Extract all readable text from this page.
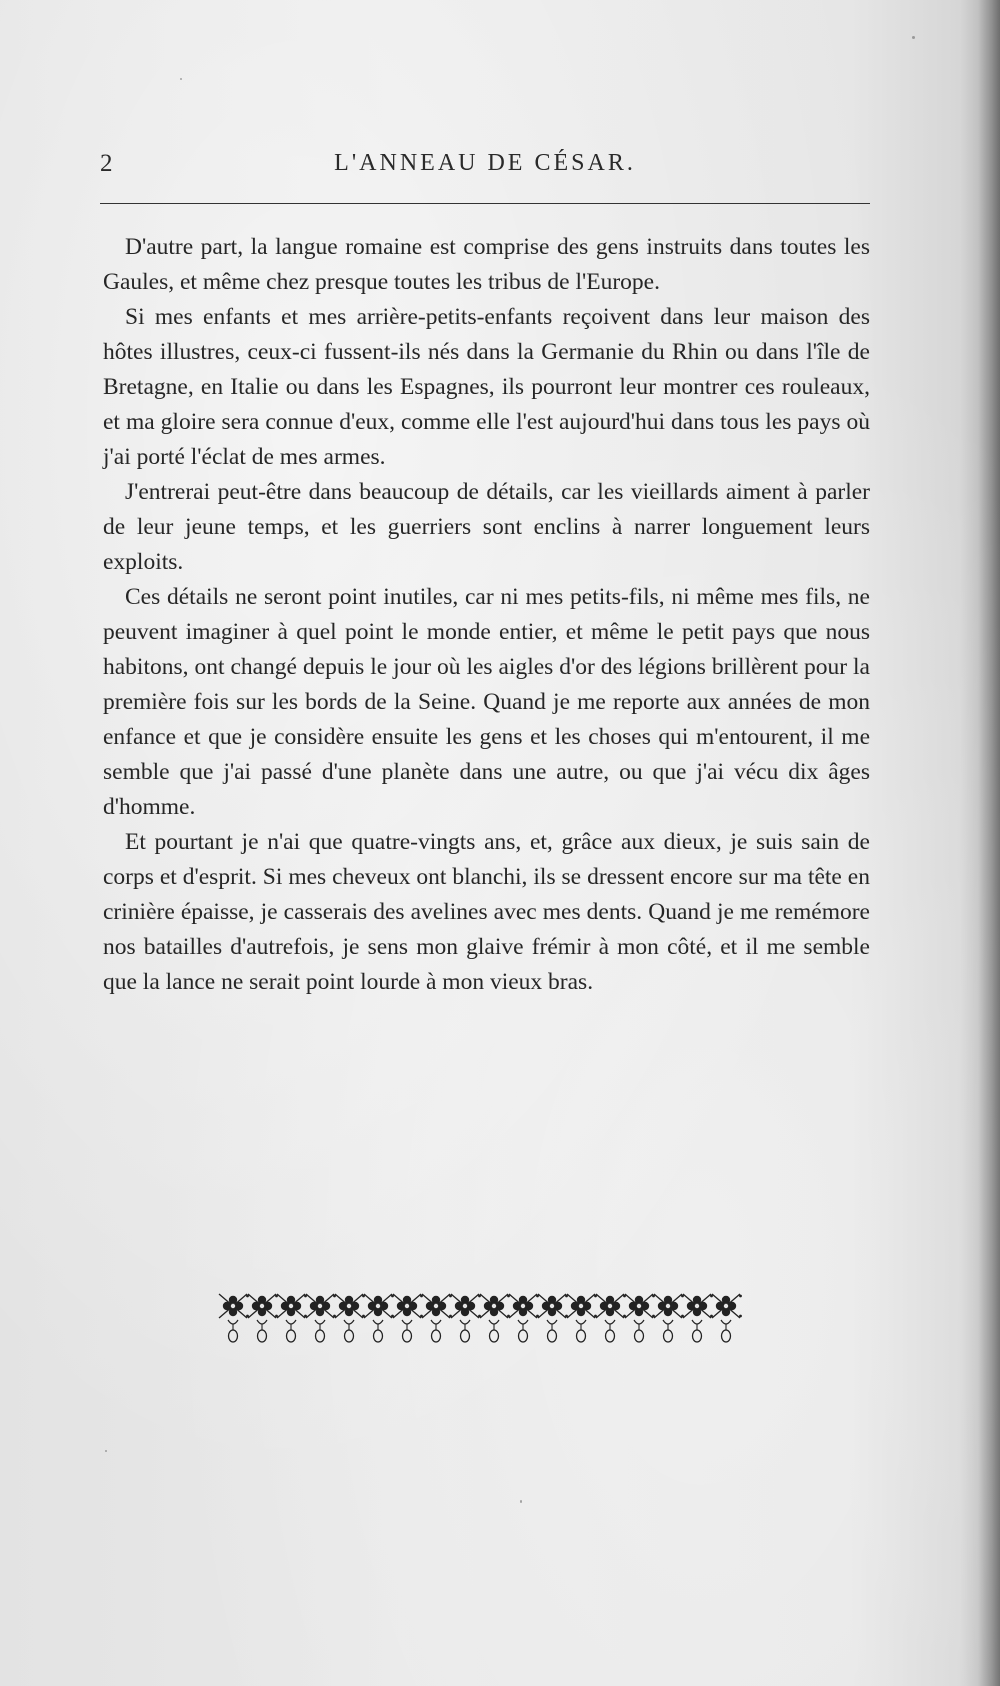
2	L'ANNEAU DE CÉSAR.

D'autre part, la langue romaine est comprise des gens instruits dans toutes les Gaules, et même chez presque toutes les tribus de l'Europe.

Si mes enfants et mes arrière-petits-enfants reçoivent dans leur maison des hôtes illustres, ceux-ci fussent-ils nés dans la Germanie du Rhin ou dans l'île de Bretagne, en Italie ou dans les Espagnes, ils pourront leur montrer ces rouleaux, et ma gloire sera connue d'eux, comme elle l'est aujourd'hui dans tous les pays où j'ai porté l'éclat de mes armes.

J'entrerai peut-être dans beaucoup de détails, car les vieillards aiment à parler de leur jeune temps, et les guerriers sont enclins à narrer longuement leurs exploits.

Ces détails ne seront point inutiles, car ni mes petits-fils, ni même mes fils, ne peuvent imaginer à quel point le monde entier, et même le petit pays que nous habitons, ont changé depuis le jour où les aigles d'or des légions brillèrent pour la première fois sur les bords de la Seine. Quand je me reporte aux années de mon enfance et que je considère ensuite les gens et les choses qui m'entourent, il me semble que j'ai passé d'une planète dans une autre, ou que j'ai vécu dix âges d'homme.

Et pourtant je n'ai que quatre-vingts ans, et, grâce aux dieux, je suis sain de corps et d'esprit. Si mes cheveux ont blanchi, ils se dressent encore sur ma tête en crinière épaisse, je casserais des avelines avec mes dents. Quand je me remémore nos batailles d'autrefois, je sens mon glaive frémir à mon côté, et il me semble que la lance ne serait point lourde à mon vieux bras.
